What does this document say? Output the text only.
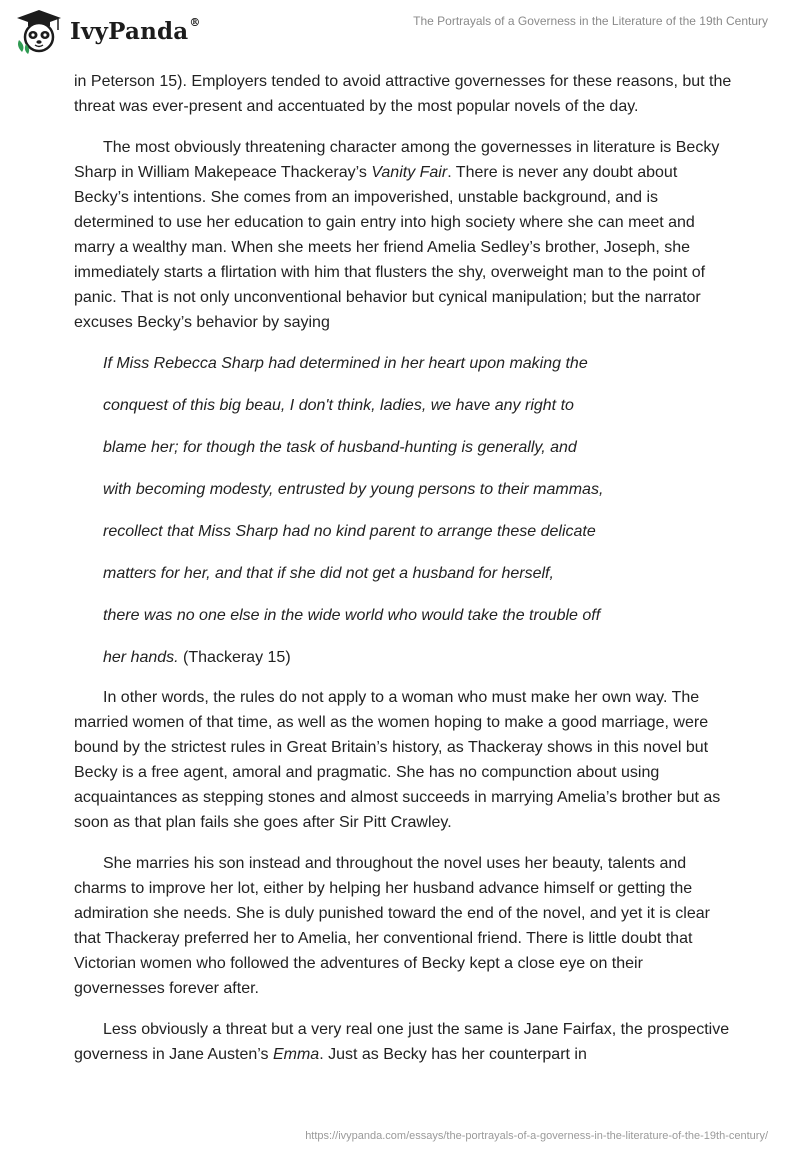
IvyPanda®	The Portrayals of a Governess in the Literature of the 19th Century

in Peterson 15). Employers tended to avoid attractive governesses for these reasons, but the threat was ever-present and accentuated by the most popular novels of the day.

The most obviously threatening character among the governesses in literature is Becky Sharp in William Makepeace Thackeray’s Vanity Fair. There is never any doubt about Becky’s intentions. She comes from an impoverished, unstable background, and is determined to use her education to gain entry into high society where she can meet and marry a wealthy man. When she meets her friend Amelia Sedley’s brother, Joseph, she immediately starts a flirtation with him that flusters the shy, overweight man to the point of panic. That is not only unconventional behavior but cynical manipulation; but the narrator excuses Becky’s behavior by saying

If Miss Rebecca Sharp had determined in her heart upon making the
conquest of this big beau, I don't think, ladies, we have any right to
blame her; for though the task of husband-hunting is generally, and
with becoming modesty, entrusted by young persons to their mammas,
recollect that Miss Sharp had no kind parent to arrange these delicate
matters for her, and that if she did not get a husband for herself,
there was no one else in the wide world who would take the trouble off
her hands. (Thackeray 15)

In other words, the rules do not apply to a woman who must make her own way. The married women of that time, as well as the women hoping to make a good marriage, were bound by the strictest rules in Great Britain’s history, as Thackeray shows in this novel but Becky is a free agent, amoral and pragmatic. She has no compunction about using acquaintances as stepping stones and almost succeeds in marrying Amelia’s brother but as soon as that plan fails she goes after Sir Pitt Crawley.

She marries his son instead and throughout the novel uses her beauty, talents and charms to improve her lot, either by helping her husband advance himself or getting the admiration she needs. She is duly punished toward the end of the novel, and yet it is clear that Thackeray preferred her to Amelia, her conventional friend. There is little doubt that Victorian women who followed the adventures of Becky kept a close eye on their governesses forever after.

Less obviously a threat but a very real one just the same is Jane Fairfax, the prospective governess in Jane Austen’s Emma. Just as Becky has her counterpart in

https://ivypanda.com/essays/the-portrayals-of-a-governess-in-the-literature-of-the-19th-century/
